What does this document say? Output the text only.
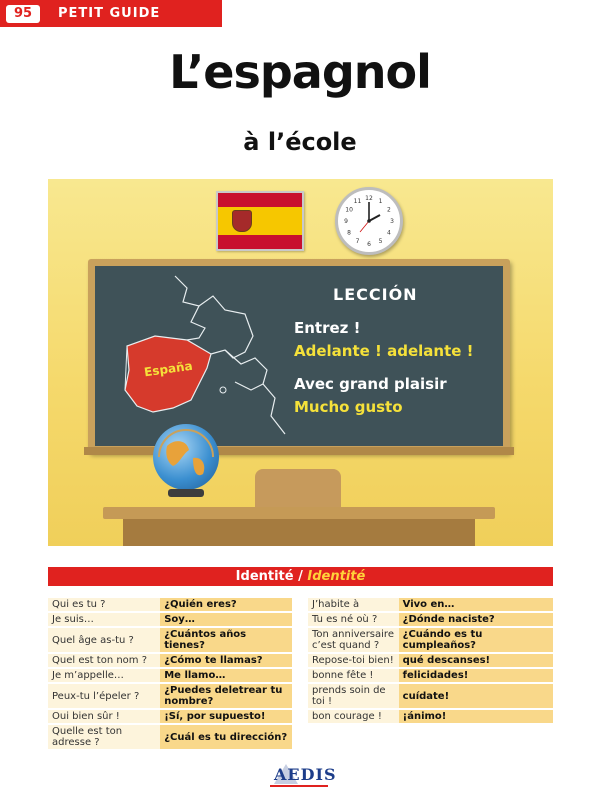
95	PETIT GUIDE
L’espagnol
à l’école
12 1
2
3
4
5
6
7
8
9
10
11
LECCIÓN
Entrez !
Adelante ! adelante !
Avec grand plaisir
Mucho gusto
España
Identité / Identité
Qui es tu ?	¿Quién eres?
Je suis…	Soy…
Quel âge as-tu ?	¿Cuántos años tienes?
Quel est ton nom ?	¿Cómo te llamas?
Je m’appelle…	Me llamo…
Peux-tu l’épeler ?	¿Puedes deletrear tu nombre?
Oui bien sûr !	¡Sí, por supuesto!
Quelle est ton adresse ?	¿Cuál es tu dirección?
J’habite à	Vivo en…
Tu es né où ?	¿Dónde naciste?
Ton anniversaire c’est quand ?	¿Cuándo es tu cumpleaños?
Repose-toi bien!	qué descanses!
bonne fête !	felicidades!
prends soin de toi !	cuídate!
bon courage !	¡ánimo!
AEDIS
